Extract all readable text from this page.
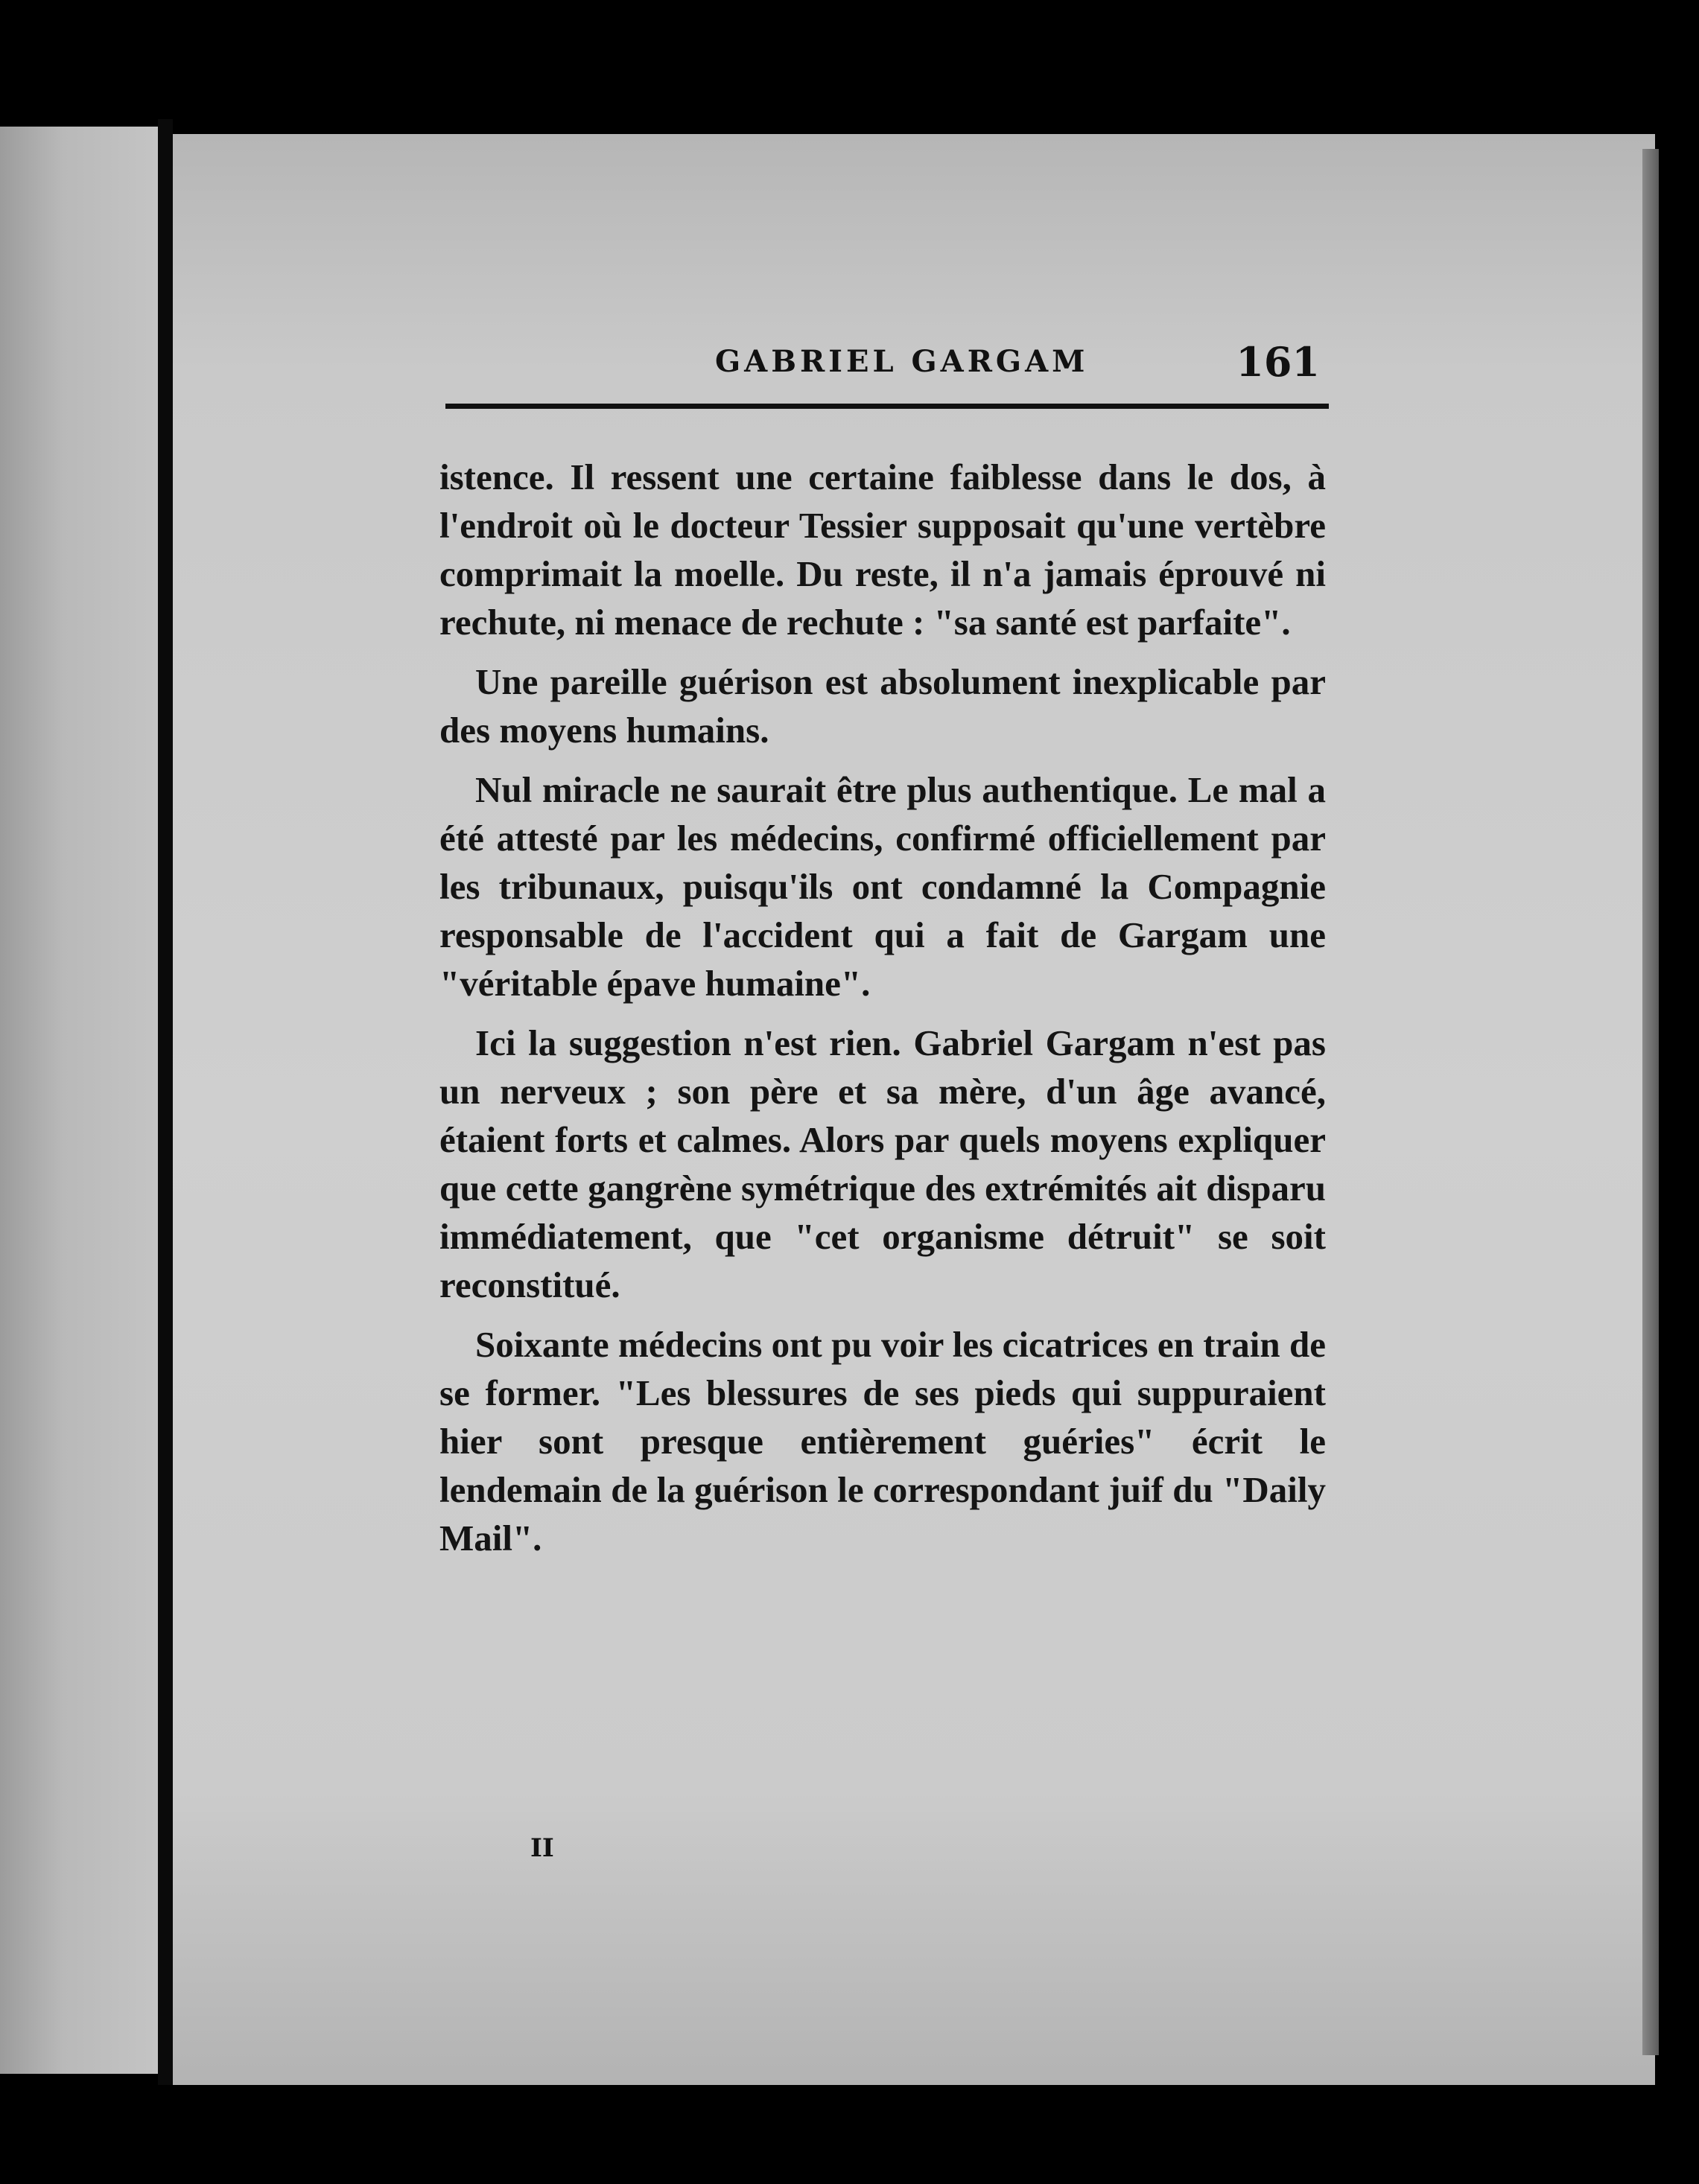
GABRIEL GARGAM	161

istence. Il ressent une certaine faiblesse dans le dos, à l'endroit où le docteur Tessier supposait qu'une vertèbre comprimait la moelle. Du reste, il n'a jamais éprouvé ni rechute, ni menace de rechute : "sa santé est parfaite".

Une pareille guérison est absolument inexplicable par des moyens humains.

Nul miracle ne saurait être plus authentique. Le mal a été attesté par les médecins, confirmé officiellement par les tribunaux, puisqu'ils ont condamné la Compagnie responsable de l'accident qui a fait de Gargam une "véritable épave humaine".

Ici la suggestion n'est rien. Gabriel Gargam n'est pas un nerveux ; son père et sa mère, d'un âge avancé, étaient forts et calmes. Alors par quels moyens expliquer que cette gangrène symétrique des extrémités ait disparu immédiatement, que "cet organisme détruit" se soit reconstitué.

Soixante médecins ont pu voir les cicatrices en train de se former. "Les blessures de ses pieds qui suppuraient hier sont presque entièrement guéries" écrit le lendemain de la guérison le correspondant juif du "Daily Mail".

II
